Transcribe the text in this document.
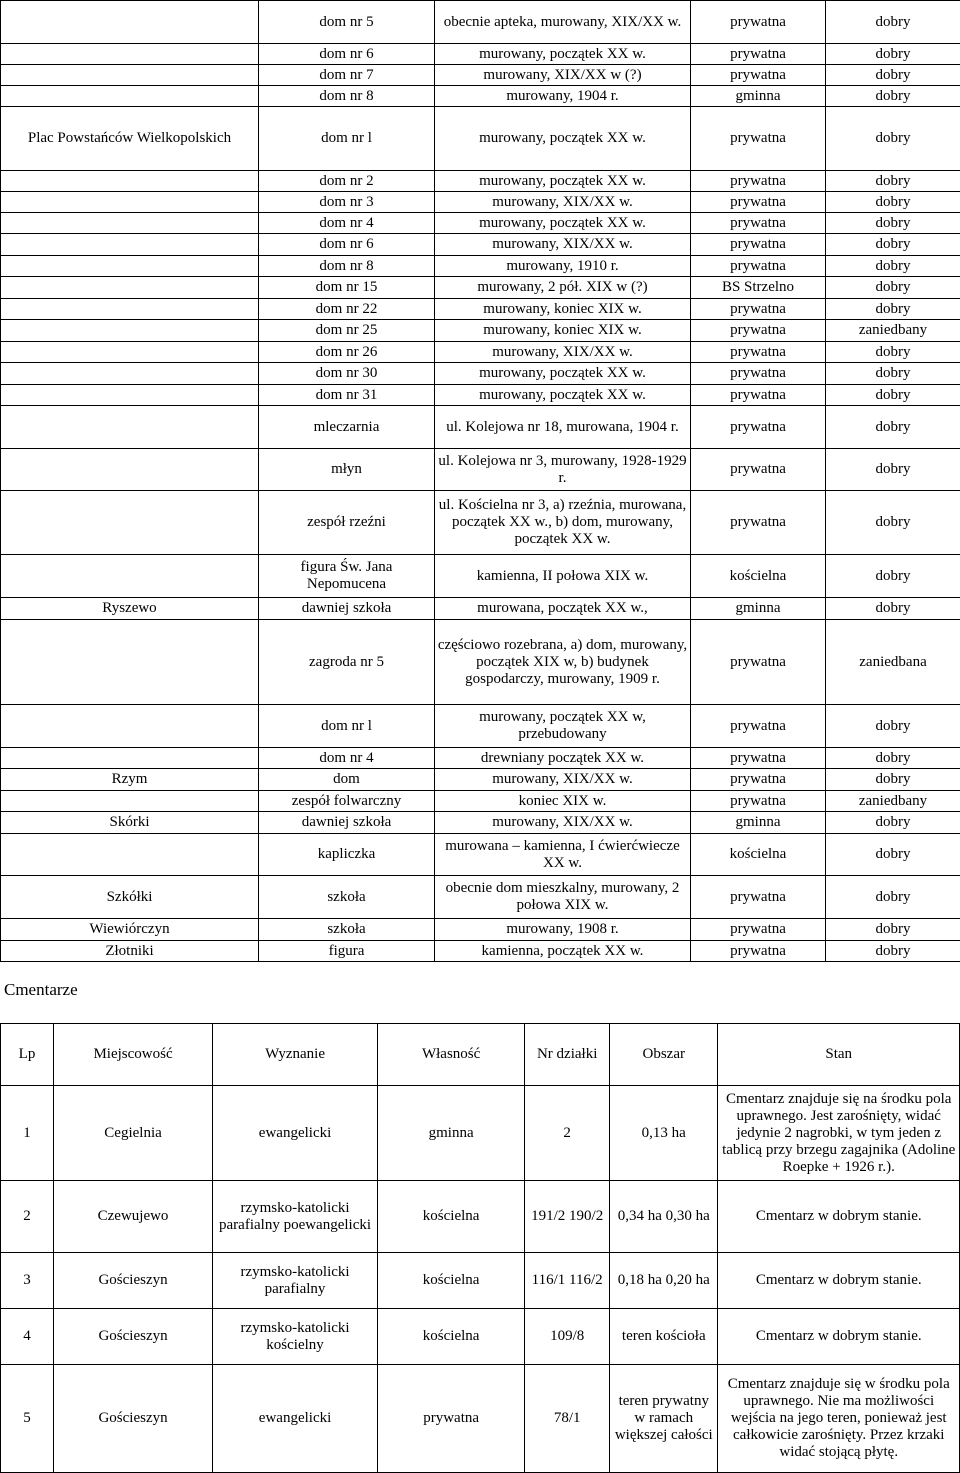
	dom nr 5	obecnie apteka, murowany, XIX/XX w.	prywatna	dobry
	dom nr 6	murowany, początek XX w.	prywatna	dobry
	dom nr 7	murowany, XIX/XX w (?)	prywatna	dobry
	dom nr 8	murowany, 1904 r.	gminna	dobry
Plac Powstańców Wielkopolskich	dom nr l	murowany, początek XX w.	prywatna	dobry
	dom nr 2	murowany, początek XX w.	prywatna	dobry
	dom nr 3	murowany, XIX/XX w.	prywatna	dobry
	dom nr 4	murowany, początek XX w.	prywatna	dobry
	dom nr 6	murowany, XIX/XX w.	prywatna	dobry
	dom nr 8	murowany, 1910 r.	prywatna	dobry
	dom nr 15	murowany, 2 pół. XIX w (?)	BS Strzelno	dobry
	dom nr 22	murowany, koniec XIX w.	prywatna	dobry
	dom nr 25	murowany, koniec XIX w.	prywatna	zaniedbany
	dom nr 26	murowany, XIX/XX w.	prywatna	dobry
	dom nr 30	murowany, początek XX w.	prywatna	dobry
	dom nr 31	murowany, początek XX w.	prywatna	dobry
	mleczarnia	ul. Kolejowa nr 18, murowana, 1904 r.	prywatna	dobry
	młyn	ul. Kolejowa nr 3, murowany, 1928-1929 r.	prywatna	dobry
	zespół rzeźni	ul. Kościelna nr 3, a) rzeźnia, murowana, początek XX w., b) dom, murowany, początek XX w.	prywatna	dobry
	figura Św. Jana Nepomucena	kamienna, II połowa XIX w.	kościelna	dobry
Ryszewo	dawniej szkoła	murowana, początek XX w.,	gminna	dobry
	zagroda nr 5	częściowo rozebrana, a) dom, murowany, początek XIX w, b) budynek gospodarczy, murowany, 1909 r.	prywatna	zaniedbana
	dom nr l	murowany, początek XX w, przebudowany	prywatna	dobry
	dom nr 4	drewniany początek XX w.	prywatna	dobry
Rzym	dom	murowany, XIX/XX w.	prywatna	dobry
	zespół folwarczny	koniec XIX w.	prywatna	zaniedbany
Skórki	dawniej szkoła	murowany, XIX/XX w.	gminna	dobry
	kapliczka	murowana – kamienna, I ćwierćwiecze XX w.	kościelna	dobry
Szkółki	szkoła	obecnie dom mieszkalny, murowany, 2 połowa XIX w.	prywatna	dobry
Wiewiórczyn	szkoła	murowany, 1908 r.	prywatna	dobry
Złotniki	figura	kamienna, początek XX w.	prywatna	dobry
Cmentarze
Lp	Miejscowość	Wyznanie	Własność	Nr działki	Obszar	Stan
1	Cegielnia	ewangelicki	gminna	2	0,13 ha	Cmentarz znajduje się na środku pola uprawnego. Jest zarośnięty, widać jedynie 2 nagrobki, w tym jeden z tablicą przy brzegu zagajnika (Adoline Roepke + 1926 r.).
2	Czewujewo	rzymsko-katolicki parafialny poewangelicki	kościelna	191/2 190/2	0,34 ha 0,30 ha	Cmentarz w dobrym stanie.
3	Gościeszyn	rzymsko-katolicki parafialny	kościelna	116/1 116/2	0,18 ha 0,20 ha	Cmentarz w dobrym stanie.
4	Gościeszyn	rzymsko-katolicki kościelny	kościelna	109/8	teren kościoła	Cmentarz w dobrym stanie.
5	Gościeszyn	ewangelicki	prywatna	78/1	teren prywatny w ramach większej całości	Cmentarz znajduje się w środku pola uprawnego. Nie ma możliwości wejścia na jego teren, ponieważ jest całkowicie zarośnięty. Przez krzaki widać stojącą płytę.
